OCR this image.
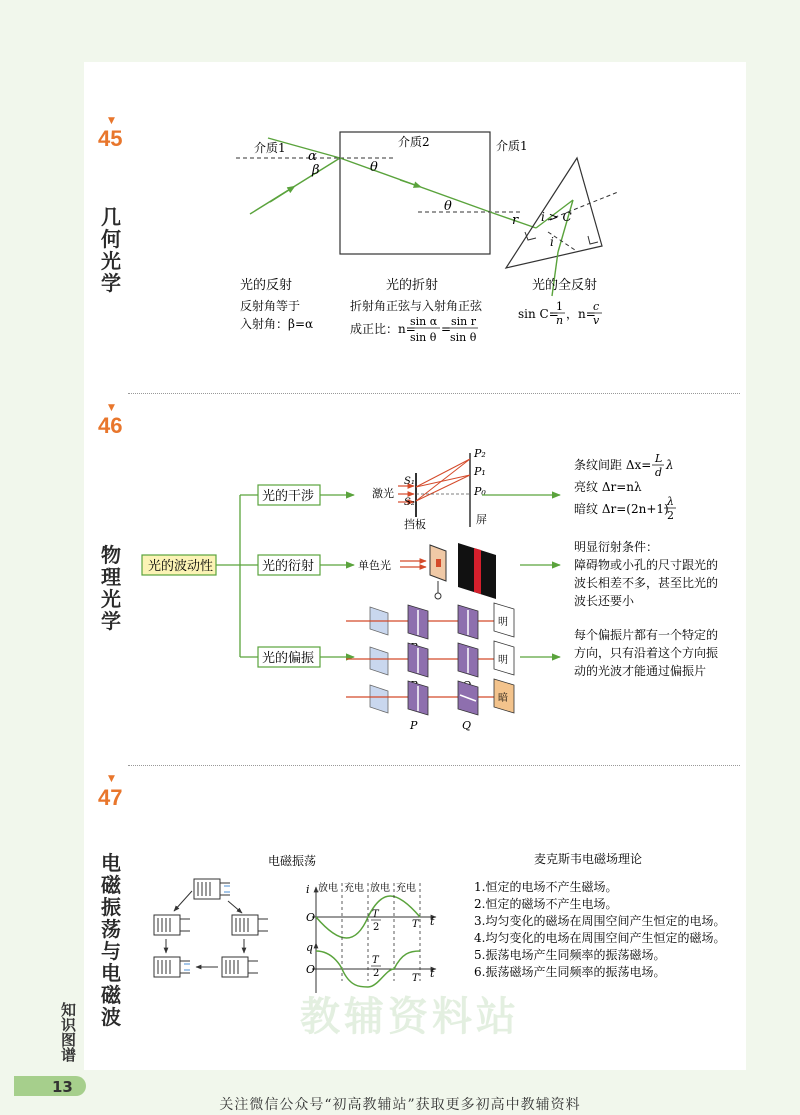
教辅资料站
▼
45
几何光学
▼
46
物理光学
▼
47
电磁振荡与电磁波
介质1	介质2	介质1
α
β	θ
θ
r i > C
i
光的反射
反射角等于
入射角：β=α
光的折射
折射角正弦与入射角正弦
成正比：n=
sin α
sin θ
=
sin r
sin θ
光的全反射
sin C=
1
n ，n=
c
v
光的波动性
光的干涉
光的衍射
光的偏振
激光
S₁
S₂
P₂
P₁
P₀
挡板	屏
条纹间距 Δx= L
d
λ
亮纹 Δr=nλ
暗纹 Δr=(2n+1)
λ
2
单色光
明显衍射条件：
障碍物或小孔的尺寸跟光的
波长相差不多，甚至比光的
波长还要小
明
明
暗
P	Q
每个偏振片都有一个特定的
方向，只有沿着这个方向振
动的光波才能通过偏振片
电磁振荡	麦克斯韦电磁场理论
i
O	t
放电 充电 放电 充电
T
2	T
q
O	t
T
2	T
1.恒定的电场不产生磁场。
2.恒定的磁场不产生电场。
3.均匀变化的磁场在周围空间产生恒定的电场。
4.均匀变化的电场在周围空间产生恒定的磁场。
5.振荡电场产生同频率的振荡磁场。
6.振荡磁场产生同频率的振荡电场。
知识图谱
13
关注微信公众号“初高教辅站”获取更多初高中教辅资料
